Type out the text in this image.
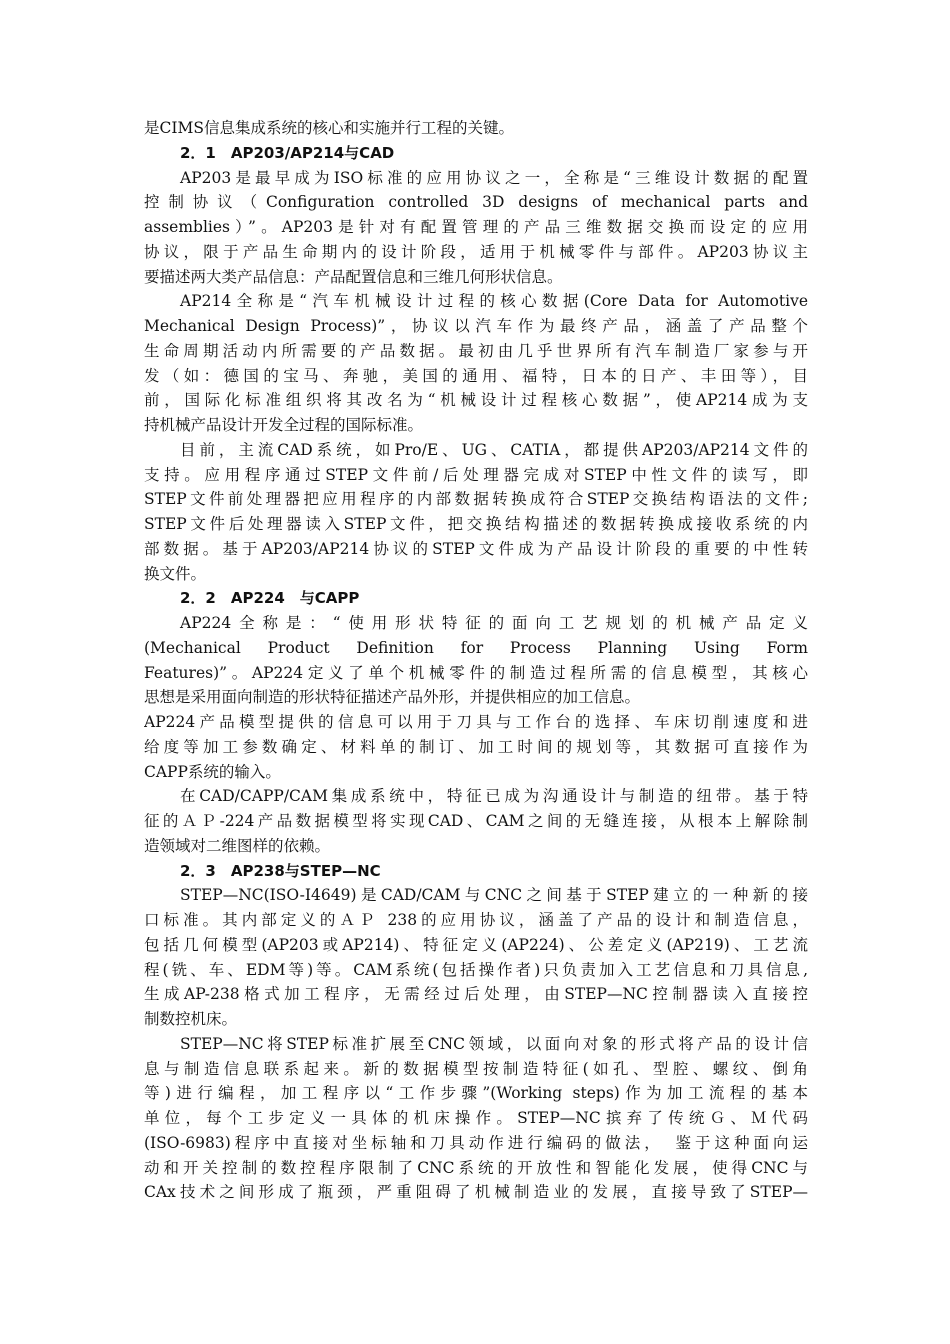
是CIMS信息集成系统的核心和实施并行工程的关键。
2．1　AP203/AP214与CAD
AP203是最早成为ISO标准的应用协议之一，全称是“三维设计数据的配置
控制协议（Configuration controlled 3D designs of mechanical parts and
assemblies）”。AP203是针对有配置管理的产品三维数据交换而设定的应用
协议，限于产品生命期内的设计阶段，适用于机械零件与部件。AP203协议主
要描述两大类产品信息：产品配置信息和三维几何形状信息。
AP214全称是“汽车机械设计过程的核心数据(Core Data for Automotive
Mechanical Design Process)”，协议以汽车作为最终产品，涵盖了产品整个
生命周期活动内所需要的产品数据。最初由几乎世界所有汽车制造厂家参与开
发（如：德国的宝马、奔驰，美国的通用、福特，日本的日产、丰田等），目
前，国际化标准组织将其改名为“机械设计过程核心数据”，使AP214成为支
持机械产品设计开发全过程的国际标准。
目前，主流CAD系统，如Pro/E、UG、CATIA，都提供AP203/AP214文件的
支持。应用程序通过STEP文件前/后处理器完成对STEP中性文件的读写，即
STEP文件前处理器把应用程序的内部数据转换成符合STEP交换结构语法的文件;
STEP文件后处理器读入STEP文件，把交换结构描述的数据转换成接收系统的内
部数据。基于AP203/AP214协议的STEP文件成为产品设计阶段的重要的中性转
换文件。
2．2　AP224　与CAPP
AP224全称是：“使用形状特征的面向工艺规划的机械产品定义
(Mechanical Product Definition for Process Planning Using Form
Features)”。AP224定义了单个机械零件的制造过程所需的信息模型，其核心
思想是采用面向制造的形状特征描述产品外形，并提供相应的加工信息。
AP224产品模型提供的信息可以用于刀具与工作台的选择、车床切削速度和进
给度等加工参数确定、材料单的制订、加工时间的规划等，其数据可直接作为
CAPP系统的输入。
在CAD/CAPP/CAM集成系统中，特征已成为沟通设计与制造的纽带。基于特
征的ＡＰ-224产品数据模型将实现CAD、CAM之间的无缝连接，从根本上解除制
造领域对二维图样的依赖。
2．3　AP238与STEP—NC
STEP—NC(ISO-I4649)是CAD/CAM与CNC之间基于STEP建立的一种新的接
口标准。其内部定义的ＡＰ 238的应用协议，涵盖了产品的设计和制造信息，
包括几何模型(AP203或AP214)、特征定义(AP224)、公差定义(AP219)、工艺流
程(铣、车、EDM等)等。CAM系统(包括操作者)只负责加入工艺信息和刀具信息,
生成AP-238格式加工程序，无需经过后处理，由STEP—NC控制器读入直接控
制数控机床。
STEP—NC将STEP标准扩展至CNC领域，以面向对象的形式将产品的设计信
息与制造信息联系起来。新的数据模型按制造特征(如孔、型腔、螺纹、倒角
等)进行编程，加工程序以“工作步骤”(Working steps)作为加工流程的基本
单位，每个工步定义一具体的机床操作。STEP—NC摈弃了传统Ｇ、Ｍ代码
(ISO-6983)程序中直接对坐标轴和刀具动作进行编码的做法，　鉴于这种面向运
动和开关控制的数控程序限制了CNC系统的开放性和智能化发展，使得CNC与
CAx技术之间形成了瓶颈，严重阻碍了机械制造业的发展，直接导致了STEP—
